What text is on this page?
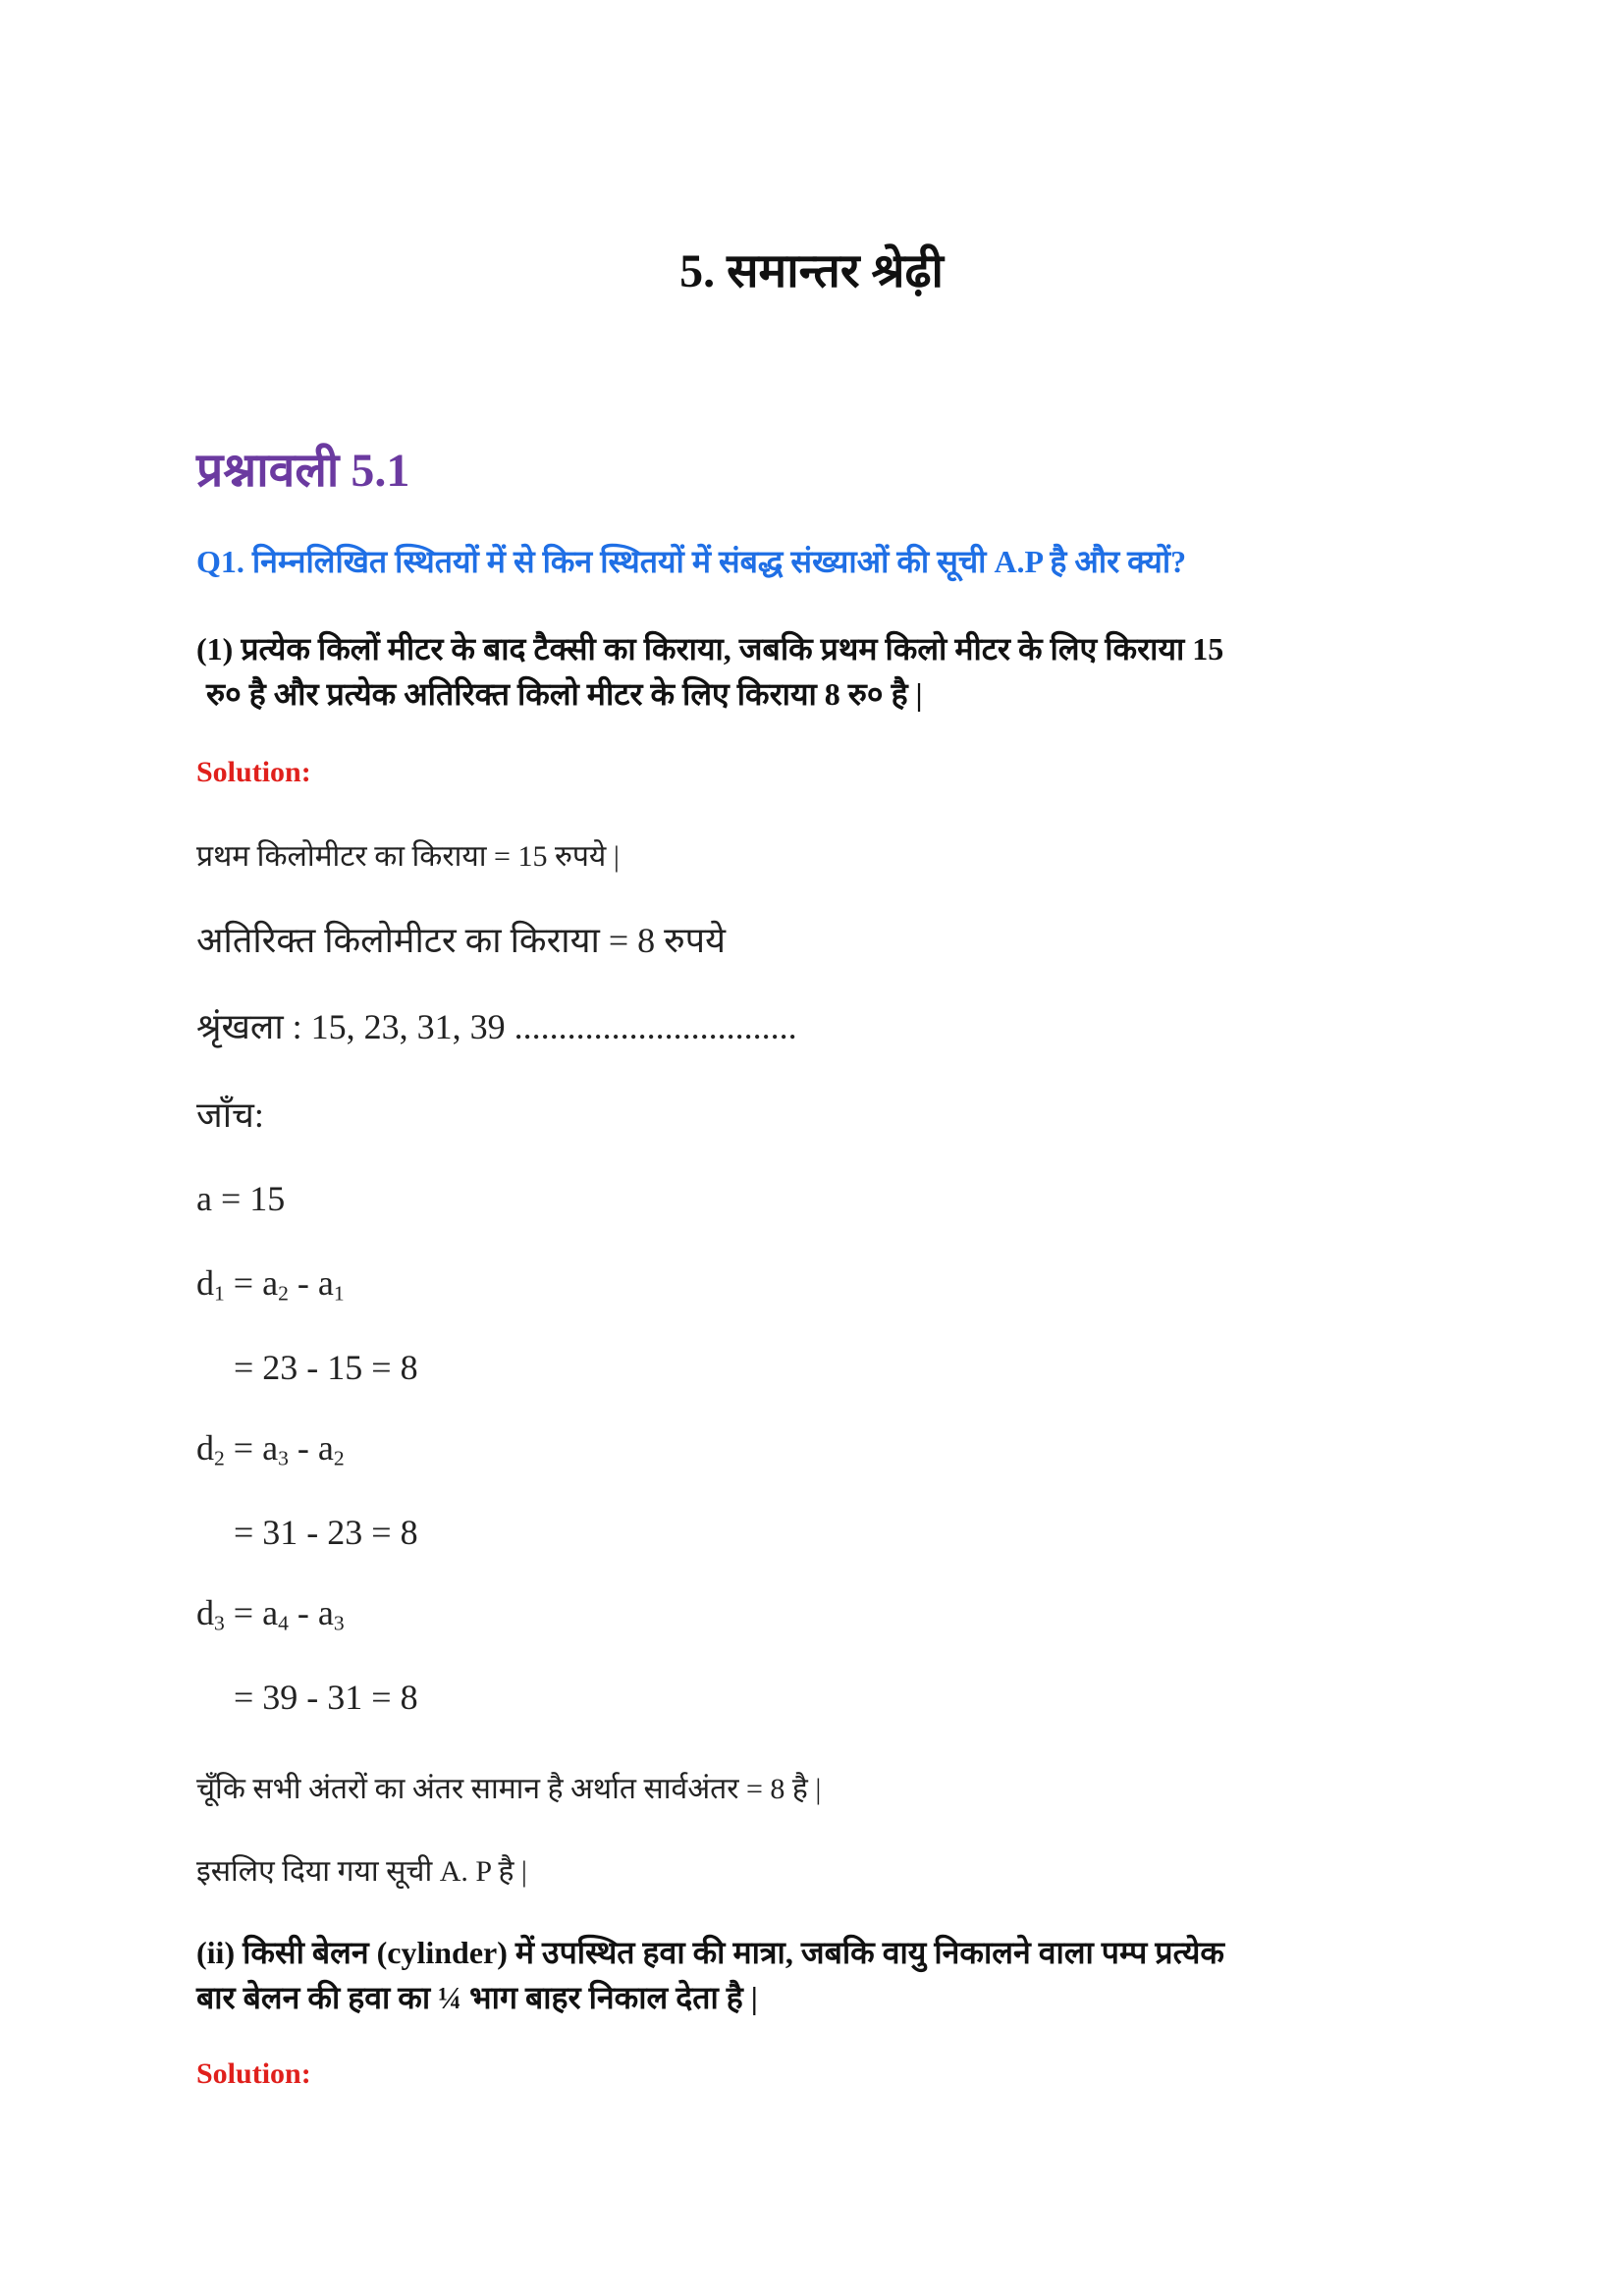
5. समान्तर श्रेढ़ी
प्रश्नावली 5.1
Q1. निम्नलिखित स्थितयों में से किन स्थितयों में संबद्ध संख्याओं की सूची A.P है और क्यों?
(1) प्रत्येक किलों मीटर के बाद टैक्सी का किराया, जबकि प्रथम किलो मीटर के लिए किराया 15
रु० है और प्रत्येक अतिरिक्त किलो मीटर के लिए किराया 8 रु० है |
Solution:
प्रथम किलोमीटर का किराया = 15 रुपये |
अतिरिक्त किलोमीटर का किराया = 8 रुपये
श्रृंखला : 15, 23, 31, 39 ................................
जाँच:
a = 15
$d_1 = a_2 - a_1$
= 23 - 15 = 8
$d_2 = a_3 - a_2$
= 31 - 23 = 8
$d_3 = a_4 - a_3$
= 39 - 31 = 8
चूँकि सभी अंतरों का अंतर सामान है अर्थात सार्वअंतर = 8 है |
इसलिए दिया गया सूची A. P है |
(ii) किसी बेलन (cylinder) में उपस्थित हवा की मात्रा, जबकि वायु निकालने वाला पम्प प्रत्येक
बार बेलन की हवा का ¼ भाग बाहर निकाल देता है |
Solution:
